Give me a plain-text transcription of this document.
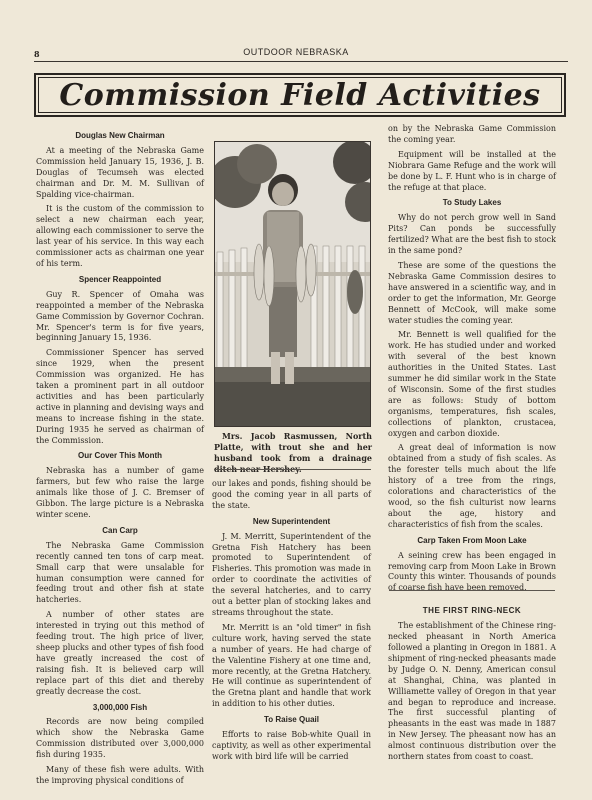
8	OUTDOOR NEBRASKA
Commission Field Activities
Douglas New Chairman

At a meeting of the Nebraska Game Commission held January 15, 1936, J. B. Douglas of Tecumseh was elected chairman and Dr. M. M. Sullivan of Spalding vice-chairman.

It is the custom of the commission to select a new chairman each year, allowing each commissioner to serve the last year of his service. In this way each commissioner acts as chairman one year of his term.

Spencer Reappointed

Guy R. Spencer of Omaha was reappointed a member of the Nebraska Game Commission by Governor Cochran. Mr. Spencer's term is for five years, beginning January 15, 1936.

Commissioner Spencer has served since 1929, when the present Commission was organized. He has taken a prominent part in all outdoor activities and has been particularly active in planning and devising ways and means to increase fishing in the state. During 1935 he served as chairman of the Commission.

Our Cover This Month

Nebraska has a number of game farmers, but few who raise the large animals like those of J. C. Bremser of Gibbon. The large picture is a Nebraska winter scene.

Can Carp

The Nebraska Game Commission recently canned ten tons of carp meat. Small carp that were unsalable for human consumption were canned for feeding trout and other fish at state hatcheries.

A number of other states are interested in trying out this method of feeding trout. The high price of liver, sheep plucks and other types of fish food have greatly increased the cost of raising fish. It is believed carp will replace part of this diet and thereby greatly decrease the cost.

3,000,000 Fish

Records are now being compiled which show the Nebraska Game Commission distributed over 3,000,000 fish during 1935.

Many of these fish were adults. With the improving physical conditions of

Mrs. Jacob Rasmussen, North Platte, with trout she and her husband took from a drainage ditch near Hershey.

our lakes and ponds, fishing should be good the coming year in all parts of the state.

New Superintendent

J. M. Merritt, Superintendent of the Gretna Fish Hatchery has been promoted to Superintendent of Fisheries. This promotion was made in order to coordinate the activities of the several hatcheries, and to carry out a better plan of stocking lakes and streams throughout the state.

Mr. Merritt is an "old timer" in fish culture work, having served the state a number of years. He had charge of the Valentine Fishery at one time and, more recently, at the Gretna Hatchery. He will continue as superintendent of the Gretna plant and handle that work in addition to his other duties.

To Raise Quail

Efforts to raise Bob-white Quail in captivity, as well as other experimental work with bird life will be carried

on by the Nebraska Game Commission the coming year.

Equipment will be installed at the Niobrara Game Refuge and the work will be done by L. F. Hunt who is in charge of the refuge at that place.

To Study Lakes

Why do not perch grow well in Sand Pits? Can ponds be successfully fertilized? What are the best fish to stock in the same pond?

These are some of the questions the Nebraska Game Commission desires to have answered in a scientific way, and in order to get the information, Mr. George Bennett of McCook, will make some water studies the coming year.

Mr. Bennett is well qualified for the work. He has studied under and worked with several of the best known authorities in the United States. Last summer he did similar work in the State of Wisconsin. Some of the first studies are as follows: Study of bottom organisms, temperatures, fish scales, collections of plankton, crustacea, oxygen and carbon dioxide.

A great deal of information is now obtained from a study of fish scales. As the forester tells much about the life history of a tree from the rings, colorations and characteristics of the wood, so the fish culturist now learns about the age, history and characteristics of fish from the scales.

Carp Taken From Moon Lake

A seining crew has been engaged in removing carp from Moon Lake in Brown County this winter. Thousands of pounds of coarse fish have been removed.

THE FIRST RING-NECK

The establishment of the Chinese ring-necked pheasant in North America followed a planting in Oregon in 1881. A shipment of ring-necked pheasants made by Judge O. N. Denny, American consul at Shanghai, China, was planted in Williamette valley of Oregon in that year and began to reproduce and increase. The first successful planting of pheasants in the east was made in 1887 in New Jersey. The pheasant now has an almost continuous distribution over the northern states from coast to coast.
